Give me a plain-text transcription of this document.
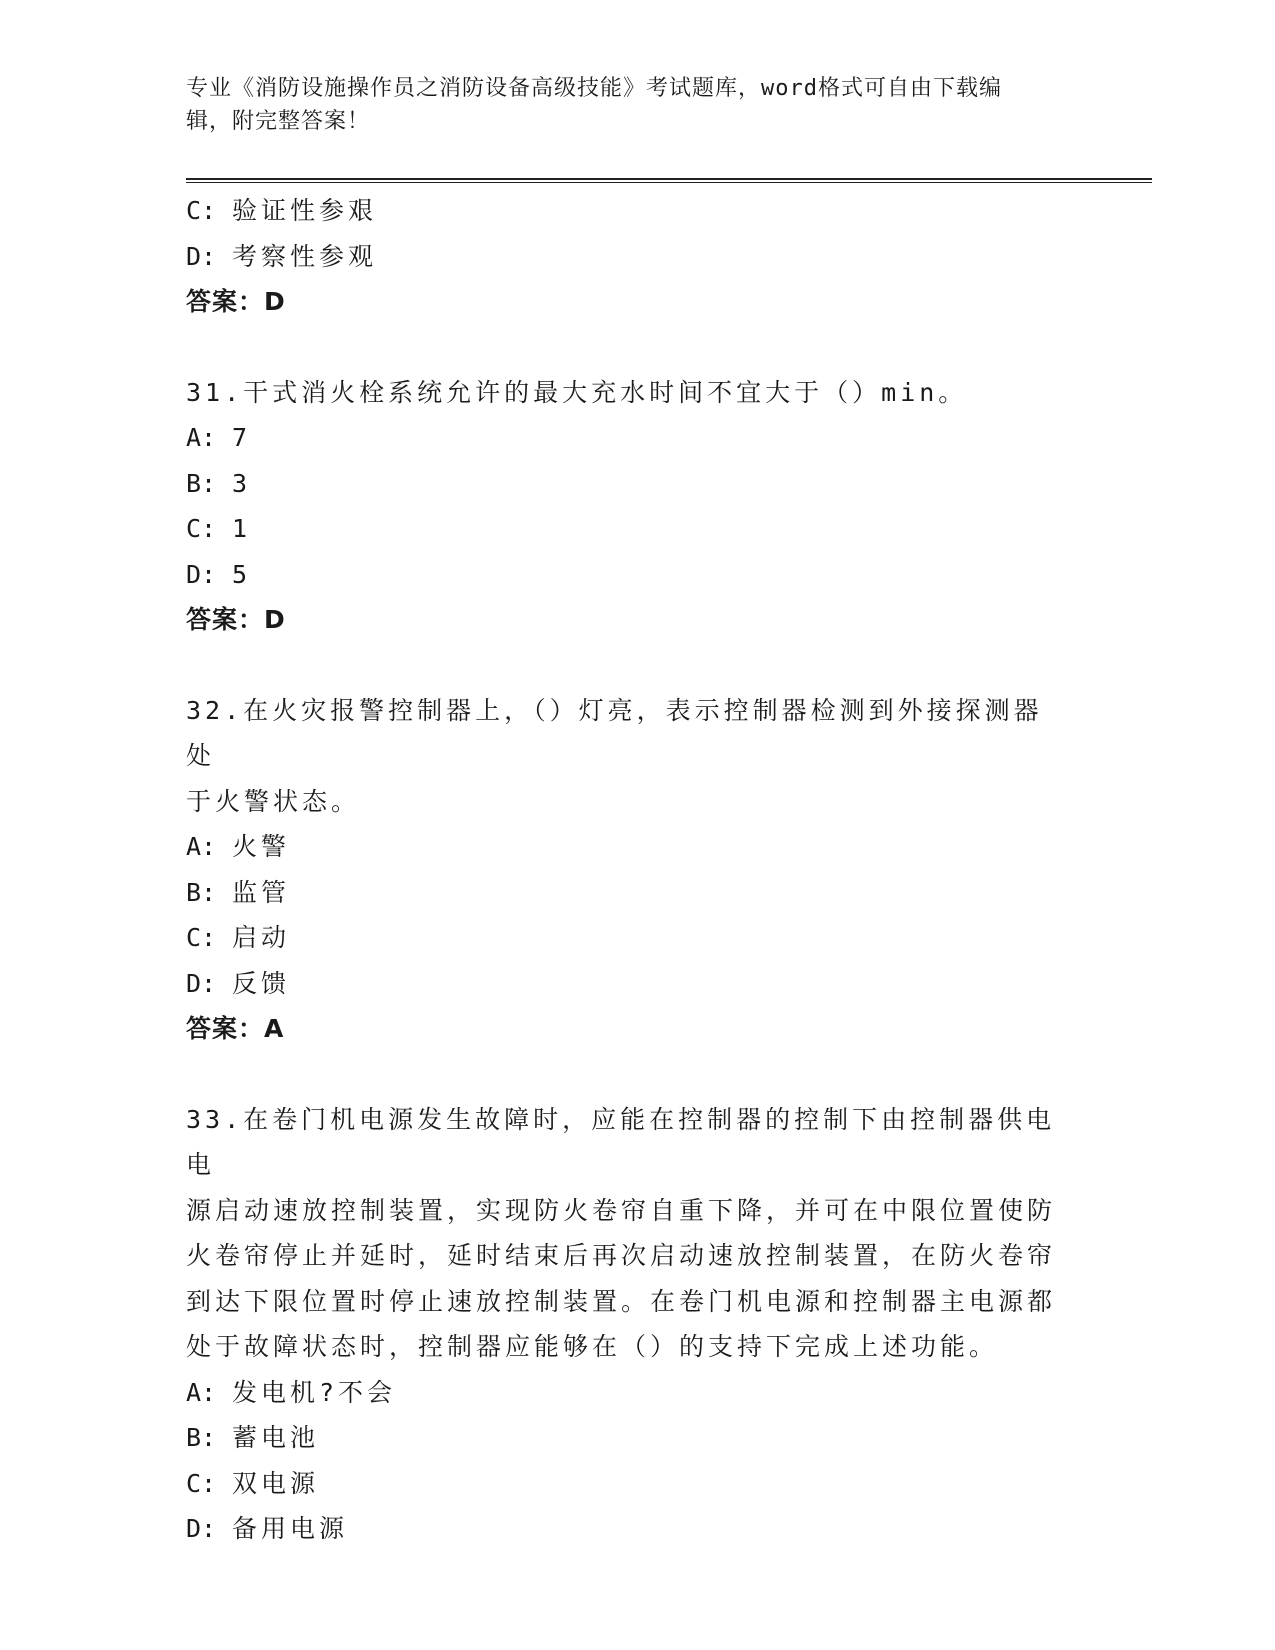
专业《消防设施操作员之消防设备高级技能》考试题库，word格式可自由下载编
辑，附完整答案！
C: 验证性参艰
D: 考察性参观
答案：D
31.干式消火栓系统允许的最大充水时间不宜大于（）min。
A: 7
B: 3
C: 1
D: 5
答案：D
32.在火灾报警控制器上，（）灯亮，表示控制器检测到外接探测器处
于火警状态。
A: 火警
B: 监管
C: 启动
D: 反馈
答案：A
33.在卷门机电源发生故障时，应能在控制器的控制下由控制器供电电
源启动速放控制装置，实现防火卷帘自重下降，并可在中限位置使防
火卷帘停止并延时，延时结束后再次启动速放控制装置，在防火卷帘
到达下限位置时停止速放控制装置。在卷门机电源和控制器主电源都
处于故障状态时，控制器应能够在（）的支持下完成上述功能。
A: 发电机?不会
B: 蓄电池
C: 双电源
D: 备用电源
